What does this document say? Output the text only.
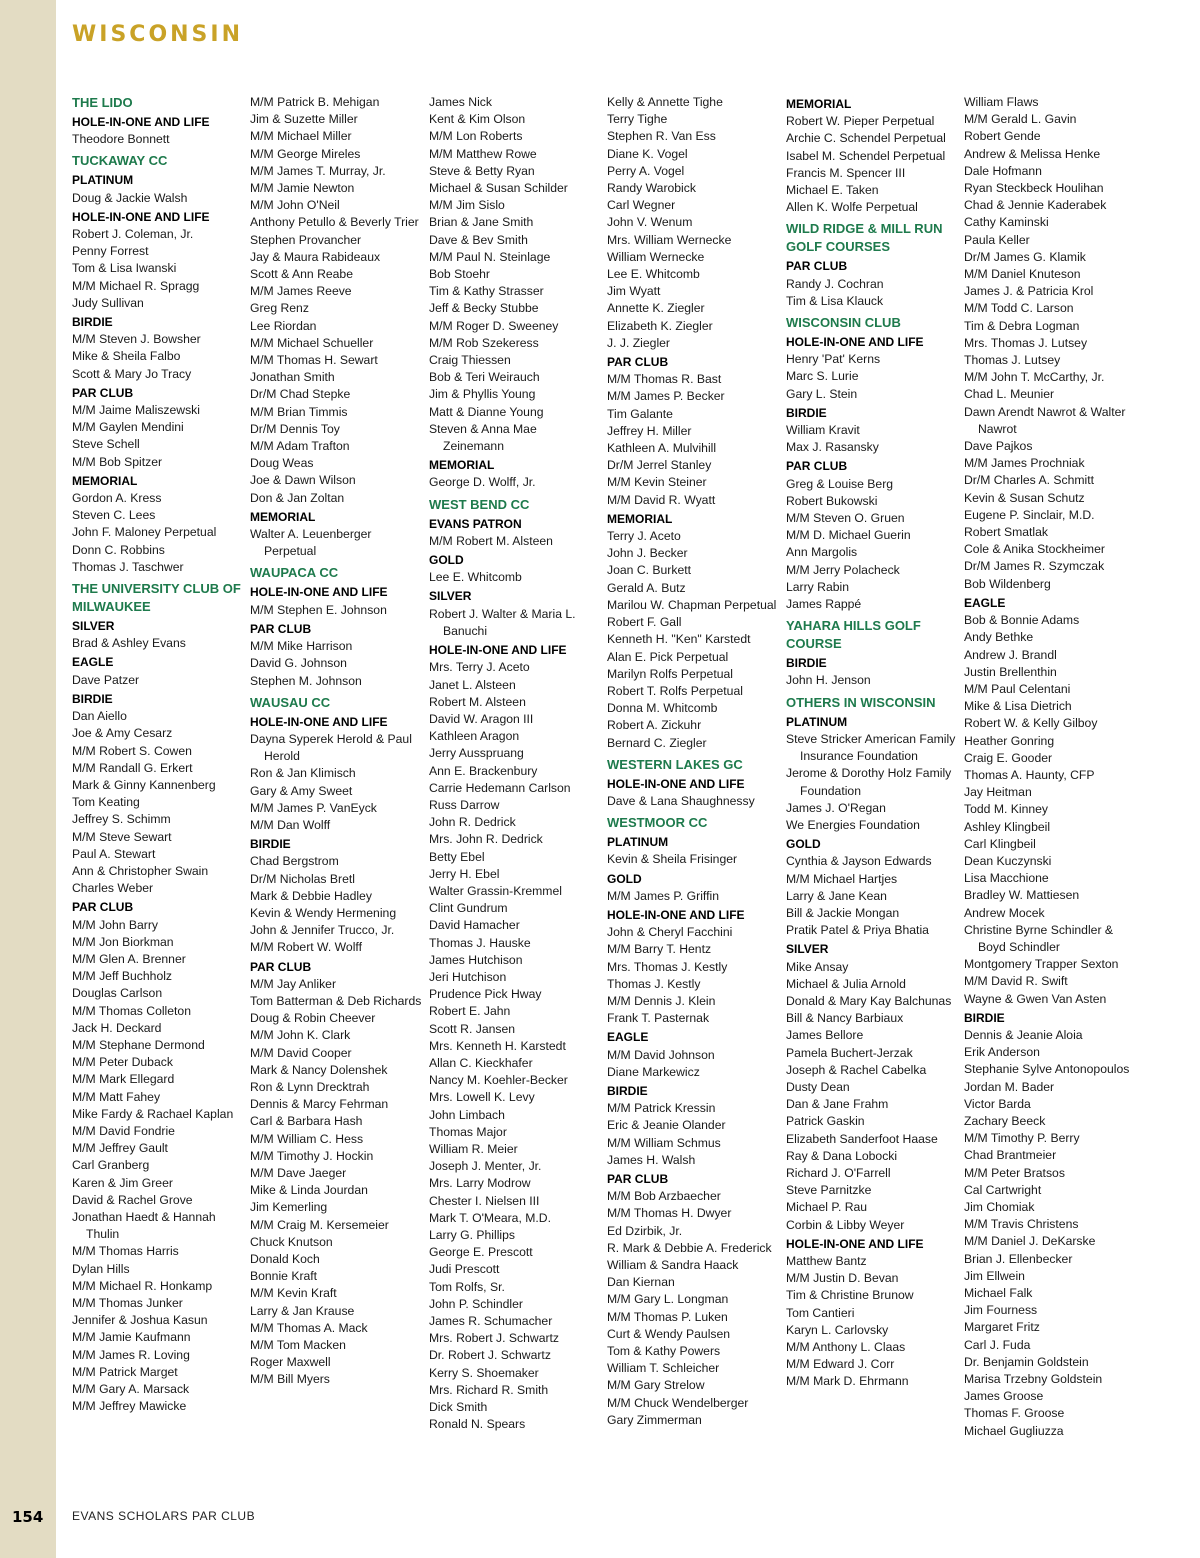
WISCONSIN
THE LIDO
HOLE-IN-ONE AND LIFE
Theodore Bonnett
TUCKAWAY CC
PLATINUM
Doug & Jackie Walsh
HOLE-IN-ONE AND LIFE
Robert J. Coleman, Jr.
Penny Forrest
Tom & Lisa Iwanski
M/M Michael R. Spragg
Judy Sullivan
BIRDIE
M/M Steven J. Bowsher
Mike & Sheila Falbo
Scott & Mary Jo Tracy
PAR CLUB
M/M Jaime Maliszewski
M/M Gaylen Mendini
Steve Schell
M/M Bob Spitzer
MEMORIAL
Gordon A. Kress
Steven C. Lees
John F. Maloney Perpetual
Donn C. Robbins
Thomas J. Taschwer
THE UNIVERSITY CLUB OF MILWAUKEE
SILVER
Brad & Ashley Evans
EAGLE
Dave Patzer
BIRDIE
Dan Aiello
Joe & Amy Cesarz
M/M Robert S. Cowen
M/M Randall G. Erkert
Mark & Ginny Kannenberg
Tom Keating
Jeffrey S. Schimm
M/M Steve Sewart
Paul A. Stewart
Ann & Christopher Swain
Charles Weber
PAR CLUB
M/M John Barry
M/M Jon Biorkman
M/M Glen A. Brenner
M/M Jeff Buchholz
Douglas Carlson
M/M Thomas Colleton
Jack H. Deckard
M/M Stephane Dermond
M/M Peter Duback
M/M Mark Ellegard
M/M Matt Fahey
Mike Fardy & Rachael Kaplan
M/M David Fondrie
M/M Jeffrey Gault
Carl Granberg
Karen & Jim Greer
David & Rachel Grove
Jonathan Haedt & Hannah Thulin
M/M Thomas Harris
Dylan Hills
M/M Michael R. Honkamp
M/M Thomas Junker
Jennifer & Joshua Kasun
M/M Jamie Kaufmann
M/M James R. Loving
M/M Patrick Marget
M/M Gary A. Marsack
M/M Jeffrey Mawicke
M/M Patrick B. Mehigan
Jim & Suzette Miller
M/M Michael Miller
M/M George Mireles
M/M James T. Murray, Jr.
M/M Jamie Newton
M/M John O'Neil
Anthony Petullo & Beverly Trier
Stephen Provancher
Jay & Maura Rabideaux
Scott & Ann Reabe
M/M James Reeve
Greg Renz
Lee Riordan
M/M Michael Schueller
M/M Thomas H. Sewart
Jonathan Smith
Dr/M Chad Stepke
M/M Brian Timmis
Dr/M Dennis Toy
M/M Adam Trafton
Doug Weas
Joe & Dawn Wilson
Don & Jan Zoltan
MEMORIAL
Walter A. Leuenberger Perpetual
WAUPACA CC
HOLE-IN-ONE AND LIFE
M/M Stephen E. Johnson
PAR CLUB
M/M Mike Harrison
David G. Johnson
Stephen M. Johnson
WAUSAU CC
HOLE-IN-ONE AND LIFE
Dayna Syperek Herold & Paul Herold
Ron & Jan Klimisch
Gary & Amy Sweet
M/M James P. VanEyck
M/M Dan Wolff
BIRDIE
Chad Bergstrom
Dr/M Nicholas Bretl
Mark & Debbie Hadley
Kevin & Wendy Hermening
John & Jennifer Trucco, Jr.
M/M Robert W. Wolff
PAR CLUB
M/M Jay Anliker
Tom Batterman & Deb Richards
Doug & Robin Cheever
M/M John K. Clark
M/M David Cooper
Mark & Nancy Dolenshek
Ron & Lynn Drecktrah
Dennis & Marcy Fehrman
Carl & Barbara Hash
M/M William C. Hess
M/M Timothy J. Hockin
M/M Dave Jaeger
Mike & Linda Jourdan
Jim Kemerling
M/M Craig M. Kersemeier
Chuck Knutson
Donald Koch
Bonnie Kraft
M/M Kevin Kraft
Larry & Jan Krause
M/M Thomas A. Mack
M/M Tom Macken
Roger Maxwell
M/M Bill Myers
James Nick
Kent & Kim Olson
M/M Lon Roberts
M/M Matthew Rowe
Steve & Betty Ryan
Michael & Susan Schilder
M/M Jim Sislo
Brian & Jane Smith
Dave & Bev Smith
M/M Paul N. Steinlage
Bob Stoehr
Tim & Kathy Strasser
Jeff & Becky Stubbe
M/M Roger D. Sweeney
M/M Rob Szekeress
Craig Thiessen
Bob & Teri Weirauch
Jim & Phyllis Young
Matt & Dianne Young
Steven & Anna Mae Zeinemann
MEMORIAL
George D. Wolff, Jr.
WEST BEND CC
EVANS PATRON
M/M Robert M. Alsteen
GOLD
Lee E. Whitcomb
SILVER
Robert J. Walter & Maria L. Banuchi
HOLE-IN-ONE AND LIFE
Mrs. Terry J. Aceto
Janet L. Alsteen
Robert M. Alsteen
David W. Aragon III
Kathleen Aragon
Jerry Ausspruang
Ann E. Brackenbury
Carrie Hedemann Carlson
Russ Darrow
John R. Dedrick
Mrs. John R. Dedrick
Betty Ebel
Jerry H. Ebel
Walter Grassin-Kremmel
Clint Gundrum
David Hamacher
Thomas J. Hauske
James Hutchison
Jeri Hutchison
Prudence Pick Hway
Robert E. Jahn
Scott R. Jansen
Mrs. Kenneth H. Karstedt
Allan C. Kieckhafer
Nancy M. Koehler-Becker
Mrs. Lowell K. Levy
John Limbach
Thomas Major
William R. Meier
Joseph J. Menter, Jr.
Mrs. Larry Modrow
Chester I. Nielsen III
Mark T. O'Meara, M.D.
Larry G. Phillips
George E. Prescott
Judi Prescott
Tom Rolfs, Sr.
John P. Schindler
James R. Schumacher
Mrs. Robert J. Schwartz
Dr. Robert J. Schwartz
Kerry S. Shoemaker
Mrs. Richard R. Smith
Dick Smith
Ronald N. Spears
Kelly & Annette Tighe
Terry Tighe
Stephen R. Van Ess
Diane K. Vogel
Perry A. Vogel
Randy Warobick
Carl Wegner
John V. Wenum
Mrs. William Wernecke
William Wernecke
Lee E. Whitcomb
Jim Wyatt
Annette K. Ziegler
Elizabeth K. Ziegler
J. J. Ziegler
PAR CLUB
M/M Thomas R. Bast
M/M James P. Becker
Tim Galante
Jeffrey H. Miller
Kathleen A. Mulvihill
Dr/M Jerrel Stanley
M/M Kevin Steiner
M/M David R. Wyatt
MEMORIAL
Terry J. Aceto
John J. Becker
Joan C. Burkett
Gerald A. Butz
Marilou W. Chapman Perpetual
Robert F. Gall
Kenneth H. "Ken" Karstedt
Alan E. Pick Perpetual
Marilyn Rolfs Perpetual
Robert T. Rolfs Perpetual
Donna M. Whitcomb
Robert A. Zickuhr
Bernard C. Ziegler
WESTERN LAKES GC
HOLE-IN-ONE AND LIFE
Dave & Lana Shaughnessy
WESTMOOR CC
PLATINUM
Kevin & Sheila Frisinger
GOLD
M/M James P. Griffin
HOLE-IN-ONE AND LIFE
John & Cheryl Facchini
M/M Barry T. Hentz
Mrs. Thomas J. Kestly
Thomas J. Kestly
M/M Dennis J. Klein
Frank T. Pasternak
EAGLE
M/M David Johnson
Diane Markewicz
BIRDIE
M/M Patrick Kressin
Eric & Jeanie Olander
M/M William Schmus
James H. Walsh
PAR CLUB
M/M Bob Arzbaecher
M/M Thomas H. Dwyer
Ed Dzirbik, Jr.
R. Mark & Debbie A. Frederick
William & Sandra Haack
Dan Kiernan
M/M Gary L. Longman
M/M Thomas P. Luken
Curt & Wendy Paulsen
Tom & Kathy Powers
William T. Schleicher
M/M Gary Strelow
M/M Chuck Wendelberger
Gary Zimmerman
MEMORIAL
Robert W. Pieper Perpetual
Archie C. Schendel Perpetual
Isabel M. Schendel Perpetual
Francis M. Spencer III
Michael E. Taken
Allen K. Wolfe Perpetual
WILD RIDGE & MILL RUN GOLF COURSES
PAR CLUB
Randy J. Cochran
Tim & Lisa Klauck
WISCONSIN CLUB
HOLE-IN-ONE AND LIFE
Henry 'Pat' Kerns
Marc S. Lurie
Gary L. Stein
BIRDIE
William Kravit
Max J. Rasansky
PAR CLUB
Greg & Louise Berg
Robert Bukowski
M/M Steven O. Gruen
M/M D. Michael Guerin
Ann Margolis
M/M Jerry Polacheck
Larry Rabin
James Rappé
YAHARA HILLS GOLF COURSE
BIRDIE
John H. Jenson
OTHERS IN WISCONSIN
PLATINUM
Steve Stricker American Family Insurance Foundation
Jerome & Dorothy Holz Family Foundation
James J. O'Regan
We Energies Foundation
GOLD
Cynthia & Jayson Edwards
M/M Michael Hartjes
Larry & Jane Kean
Bill & Jackie Mongan
Pratik Patel & Priya Bhatia
SILVER
Mike Ansay
Michael & Julia Arnold
Donald & Mary Kay Balchunas
Bill & Nancy Barbiaux
James Bellore
Pamela Buchert-Jerzak
Joseph & Rachel Cabelka
Dusty Dean
Dan & Jane Frahm
Patrick Gaskin
Elizabeth Sanderfoot Haase
Ray & Dana Lobocki
Richard J. O'Farrell
Steve Parnitzke
Michael P. Rau
Corbin & Libby Weyer
HOLE-IN-ONE AND LIFE
Matthew Bantz
M/M Justin D. Bevan
Tim & Christine Brunow
Tom Cantieri
Karyn L. Carlovsky
M/M Anthony L. Claas
M/M Edward J. Corr
M/M Mark D. Ehrmann
William Flaws
M/M Gerald L. Gavin
Robert Gende
Andrew & Melissa Henke
Dale Hofmann
Ryan Steckbeck Houlihan
Chad & Jennie Kaderabek
Cathy Kaminski
Paula Keller
Dr/M James G. Klamik
M/M Daniel Knuteson
James J. & Patricia Krol
M/M Todd C. Larson
Tim & Debra Logman
Mrs. Thomas J. Lutsey
Thomas J. Lutsey
M/M John T. McCarthy, Jr.
Chad L. Meunier
Dawn Arendt Nawrot & Walter Nawrot
Dave Pajkos
M/M James Prochniak
Dr/M Charles A. Schmitt
Kevin & Susan Schutz
Eugene P. Sinclair, M.D.
Robert Smatlak
Cole & Anika Stockheimer
Dr/M James R. Szymczak
Bob Wildenberg
EAGLE
Bob & Bonnie Adams
Andy Bethke
Andrew J. Brandl
Justin Brellenthin
M/M Paul Celentani
Mike & Lisa Dietrich
Robert W. & Kelly Gilboy
Heather Gonring
Craig E. Gooder
Thomas A. Haunty, CFP
Jay Heitman
Todd M. Kinney
Ashley Klingbeil
Carl Klingbeil
Dean Kuczynski
Lisa Macchione
Bradley W. Mattiesen
Andrew Mocek
Christine Byrne Schindler & Boyd Schindler
Montgomery Trapper Sexton
M/M David R. Swift
Wayne & Gwen Van Asten
BIRDIE
Dennis & Jeanie Aloia
Erik Anderson
Stephanie Sylve Antonopoulos
Jordan M. Bader
Victor Barda
Zachary Beeck
M/M Timothy P. Berry
Chad Brantmeier
M/M Peter Bratsos
Cal Cartwright
Jim Chomiak
M/M Travis Christens
M/M Daniel J. DeKarske
Brian J. Ellenbecker
Jim Ellwein
Michael Falk
Jim Fourness
Margaret Fritz
Carl J. Fuda
Dr. Benjamin Goldstein
Marisa Trzebny Goldstein
James Groose
Thomas F. Groose
Michael Gugliuzza
154 EVANS SCHOLARS PAR CLUB
